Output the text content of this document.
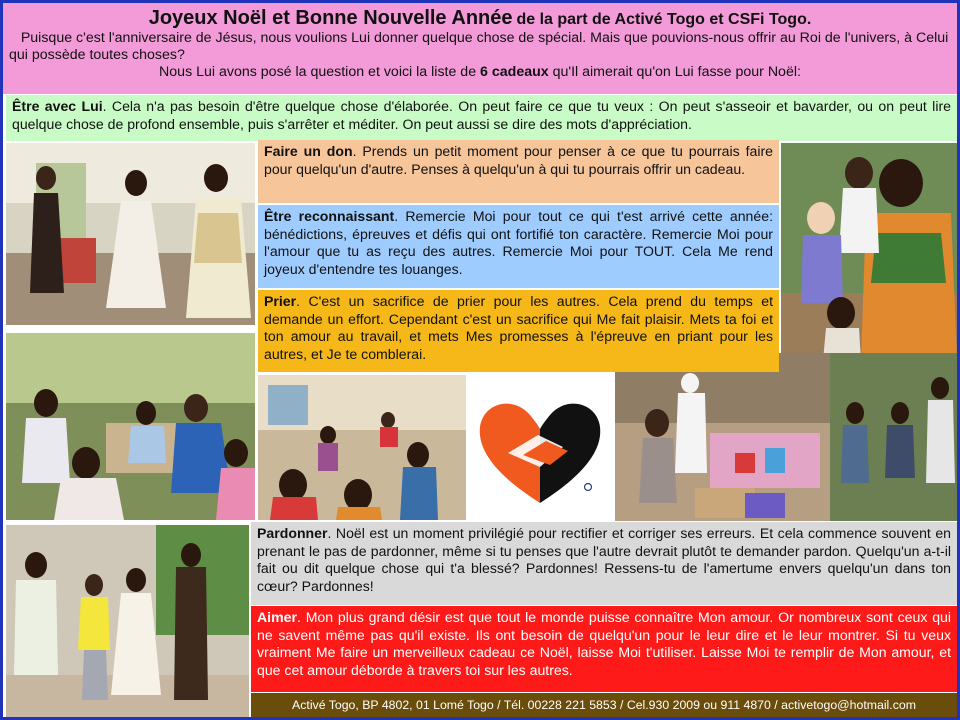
Joyeux Noël et Bonne Nouvelle Année de la part de Activé Togo et CSFi Togo.
Puisque c'est l'anniversaire de Jésus, nous voulions Lui donner quelque chose de spécial. Mais que pouvions-nous offrir au Roi de l'univers, à Celui qui possède toutes choses?
Nous Lui avons posé la question et voici la liste de 6 cadeaux qu'Il aimerait qu'on Lui fasse pour Noël:
Être avec Lui. Cela n'a pas besoin d'être quelque chose d'élaborée. On peut faire ce que tu veux : On peut s'asseoir et bavarder, ou on peut lire quelque chose de profond ensemble, puis s'arrêter et méditer. On peut aussi se dire des mots d'appréciation.
Faire un don. Prends un petit moment pour penser à ce que tu pourrais faire pour quelqu'un d'autre. Penses à quelqu'un à qui tu pourrais offrir un cadeau.
Être reconnaissant. Remercie Moi pour tout ce qui t'est arrivé cette année: bénédictions, épreuves et défis qui ont fortifié ton caractère. Remercie Moi pour l'amour que tu as reçu des autres. Remercie Moi pour TOUT. Cela Me rend joyeux d'entendre tes louanges.
Prier. C'est un sacrifice de prier pour les autres. Cela prend du temps et demande un effort. Cependant c'est un sacrifice qui Me fait plaisir. Mets ta foi et ton amour au travail, et mets Mes promesses à l'épreuve en priant pour les autres, et Je te comblerai.
Pardonner. Noël est un moment privilégié pour rectifier et corriger ses erreurs. Et cela commence souvent en prenant le pas de pardonner, même si tu penses que l'autre devrait plutôt te demander pardon. Quelqu'un a-t-il fait ou dit quelque chose qui t'a blessé? Pardonnes! Ressens-tu de l'amertume envers quelqu'un dans ton cœur? Pardonnes!
Aimer. Mon plus grand désir est que tout le monde puisse connaître Mon amour. Or nombreux sont ceux qui ne savent même pas qu'il existe. Ils ont besoin de quelqu'un pour le leur dire et le leur montrer. Si tu veux vraiment Me faire un merveilleux cadeau ce Noël, laisse Moi t'utiliser. Laisse Moi te remplir de Mon amour, et que cet amour déborde à travers toi sur les autres.
Activé Togo, BP 4802, 01 Lomé Togo / Tél. 00228 221 5853 / Cel.930 2009 ou 911 4870 / activetogo@hotmail.com
